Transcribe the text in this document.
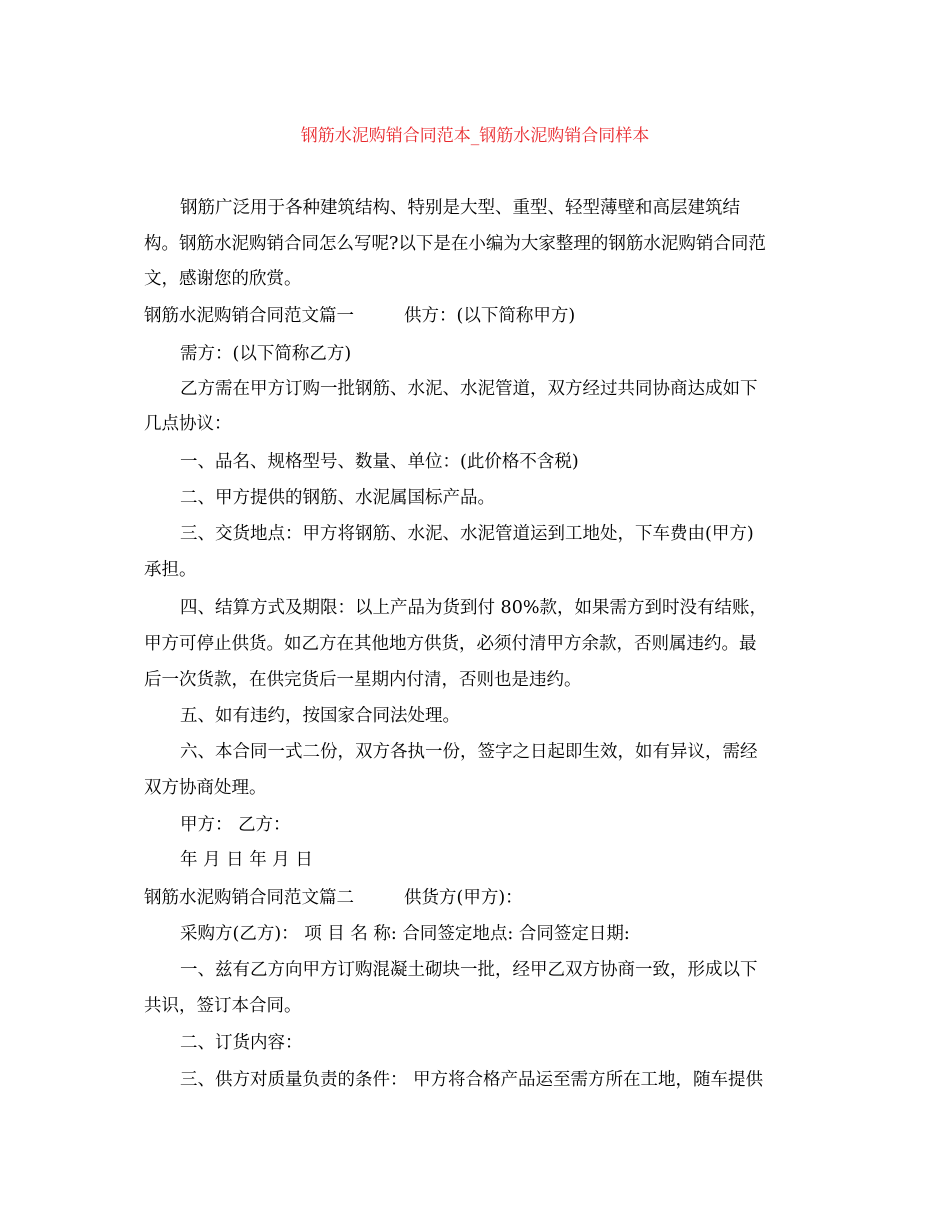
钢筋水泥购销合同范本_钢筋水泥购销合同样本
钢筋广泛用于各种建筑结构、特别是大型、重型、轻型薄壁和高层建筑结
构。钢筋水泥购销合同怎么写呢?以下是在小编为大家整理的钢筋水泥购销合同范
文，感谢您的欣赏。
钢筋水泥购销合同范文篇一	供方：(以下简称甲方)
需方：(以下简称乙方)
乙方需在甲方订购一批钢筋、水泥、水泥管道，双方经过共同协商达成如下
几点协议：
一、品名、规格型号、数量、单位：(此价格不含税)
二、甲方提供的钢筋、水泥属国标产品。
三、交货地点：甲方将钢筋、水泥、水泥管道运到工地处，下车费由(甲方)
承担。
四、结算方式及期限：以上产品为货到付 80%款，如果需方到时没有结账，
甲方可停止供货。如乙方在其他地方供货，必须付清甲方余款，否则属违约。最
后一次货款，在供完货后一星期内付清，否则也是违约。
五、如有违约，按国家合同法处理。
六、本合同一式二份，双方各执一份，签字之日起即生效，如有异议，需经
双方协商处理。
甲方： 乙方：
年 月 日 年 月 日
钢筋水泥购销合同范文篇二	供货方(甲方)：
采购方(乙方)： 项 目 名 称: 合同签定地点: 合同签定日期:
一、兹有乙方向甲方订购混凝土砌块一批，经甲乙双方协商一致，形成以下
共识，签订本合同。
二、订货内容：
三、供方对质量负责的条件： 甲方将合格产品运至需方所在工地，随车提供
